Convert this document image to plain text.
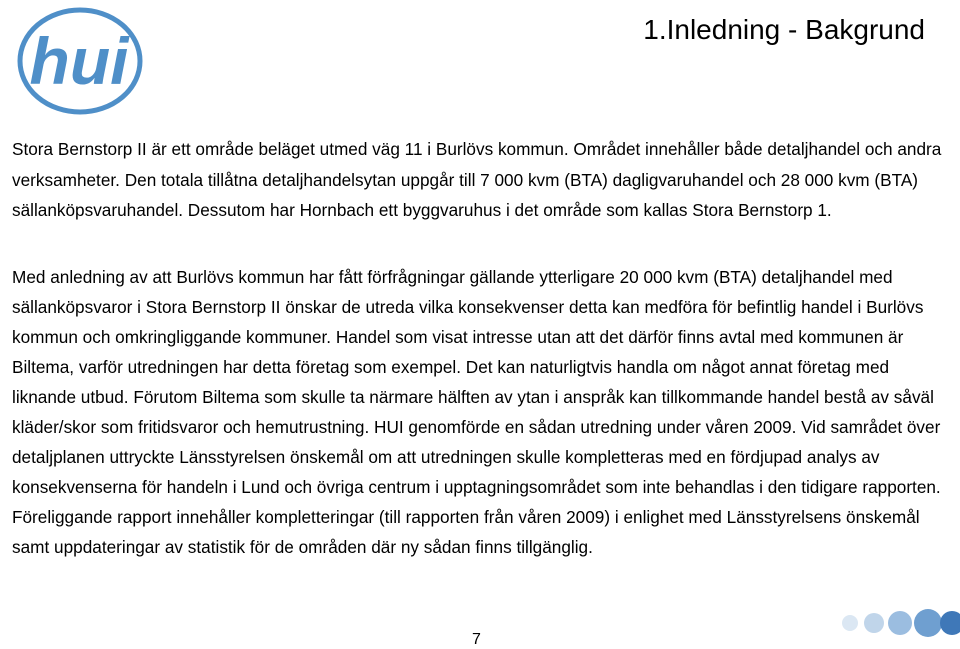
hui	1.Inledning - Bakgrund

Stora Bernstorp II är ett område beläget utmed väg 11 i Burlövs kommun. Området innehåller både detaljhandel och andra verksamheter. Den totala tillåtna detaljhandelsytan uppgår till 7 000 kvm (BTA) dagligvaruhandel och 28 000 kvm (BTA) sällanköpsvaruhandel. Dessutom har Hornbach ett byggvaruhus i det område som kallas Stora Bernstorp 1.

Med anledning av att Burlövs kommun har fått förfrågningar gällande ytterligare 20 000 kvm (BTA) detaljhandel med sällanköpsvaror i Stora Bernstorp II önskar de utreda vilka konsekvenser detta kan medföra för befintlig handel i Burlövs kommun och omkringliggande kommuner. Handel som visat intresse utan att det därför finns avtal med kommunen är Biltema, varför utredningen har detta företag som exempel. Det kan naturligtvis handla om något annat företag med liknande utbud. Förutom Biltema som skulle ta närmare hälften av ytan i anspråk kan tillkommande handel bestå av såväl kläder/skor som fritidsvaror och hemutrustning. HUI genomförde en sådan utredning under våren 2009. Vid samrådet över detaljplanen uttryckte Länsstyrelsen önskemål om att utredningen skulle kompletteras med en fördjupad analys av konsekvenserna för handeln i Lund och övriga centrum i upptagningsområdet som inte behandlas i den tidigare rapporten. Föreliggande rapport innehåller kompletteringar (till rapporten från våren 2009) i enlighet med Länsstyrelsens önskemål samt uppdateringar av statistik för de områden där ny sådan finns tillgänglig.

7
